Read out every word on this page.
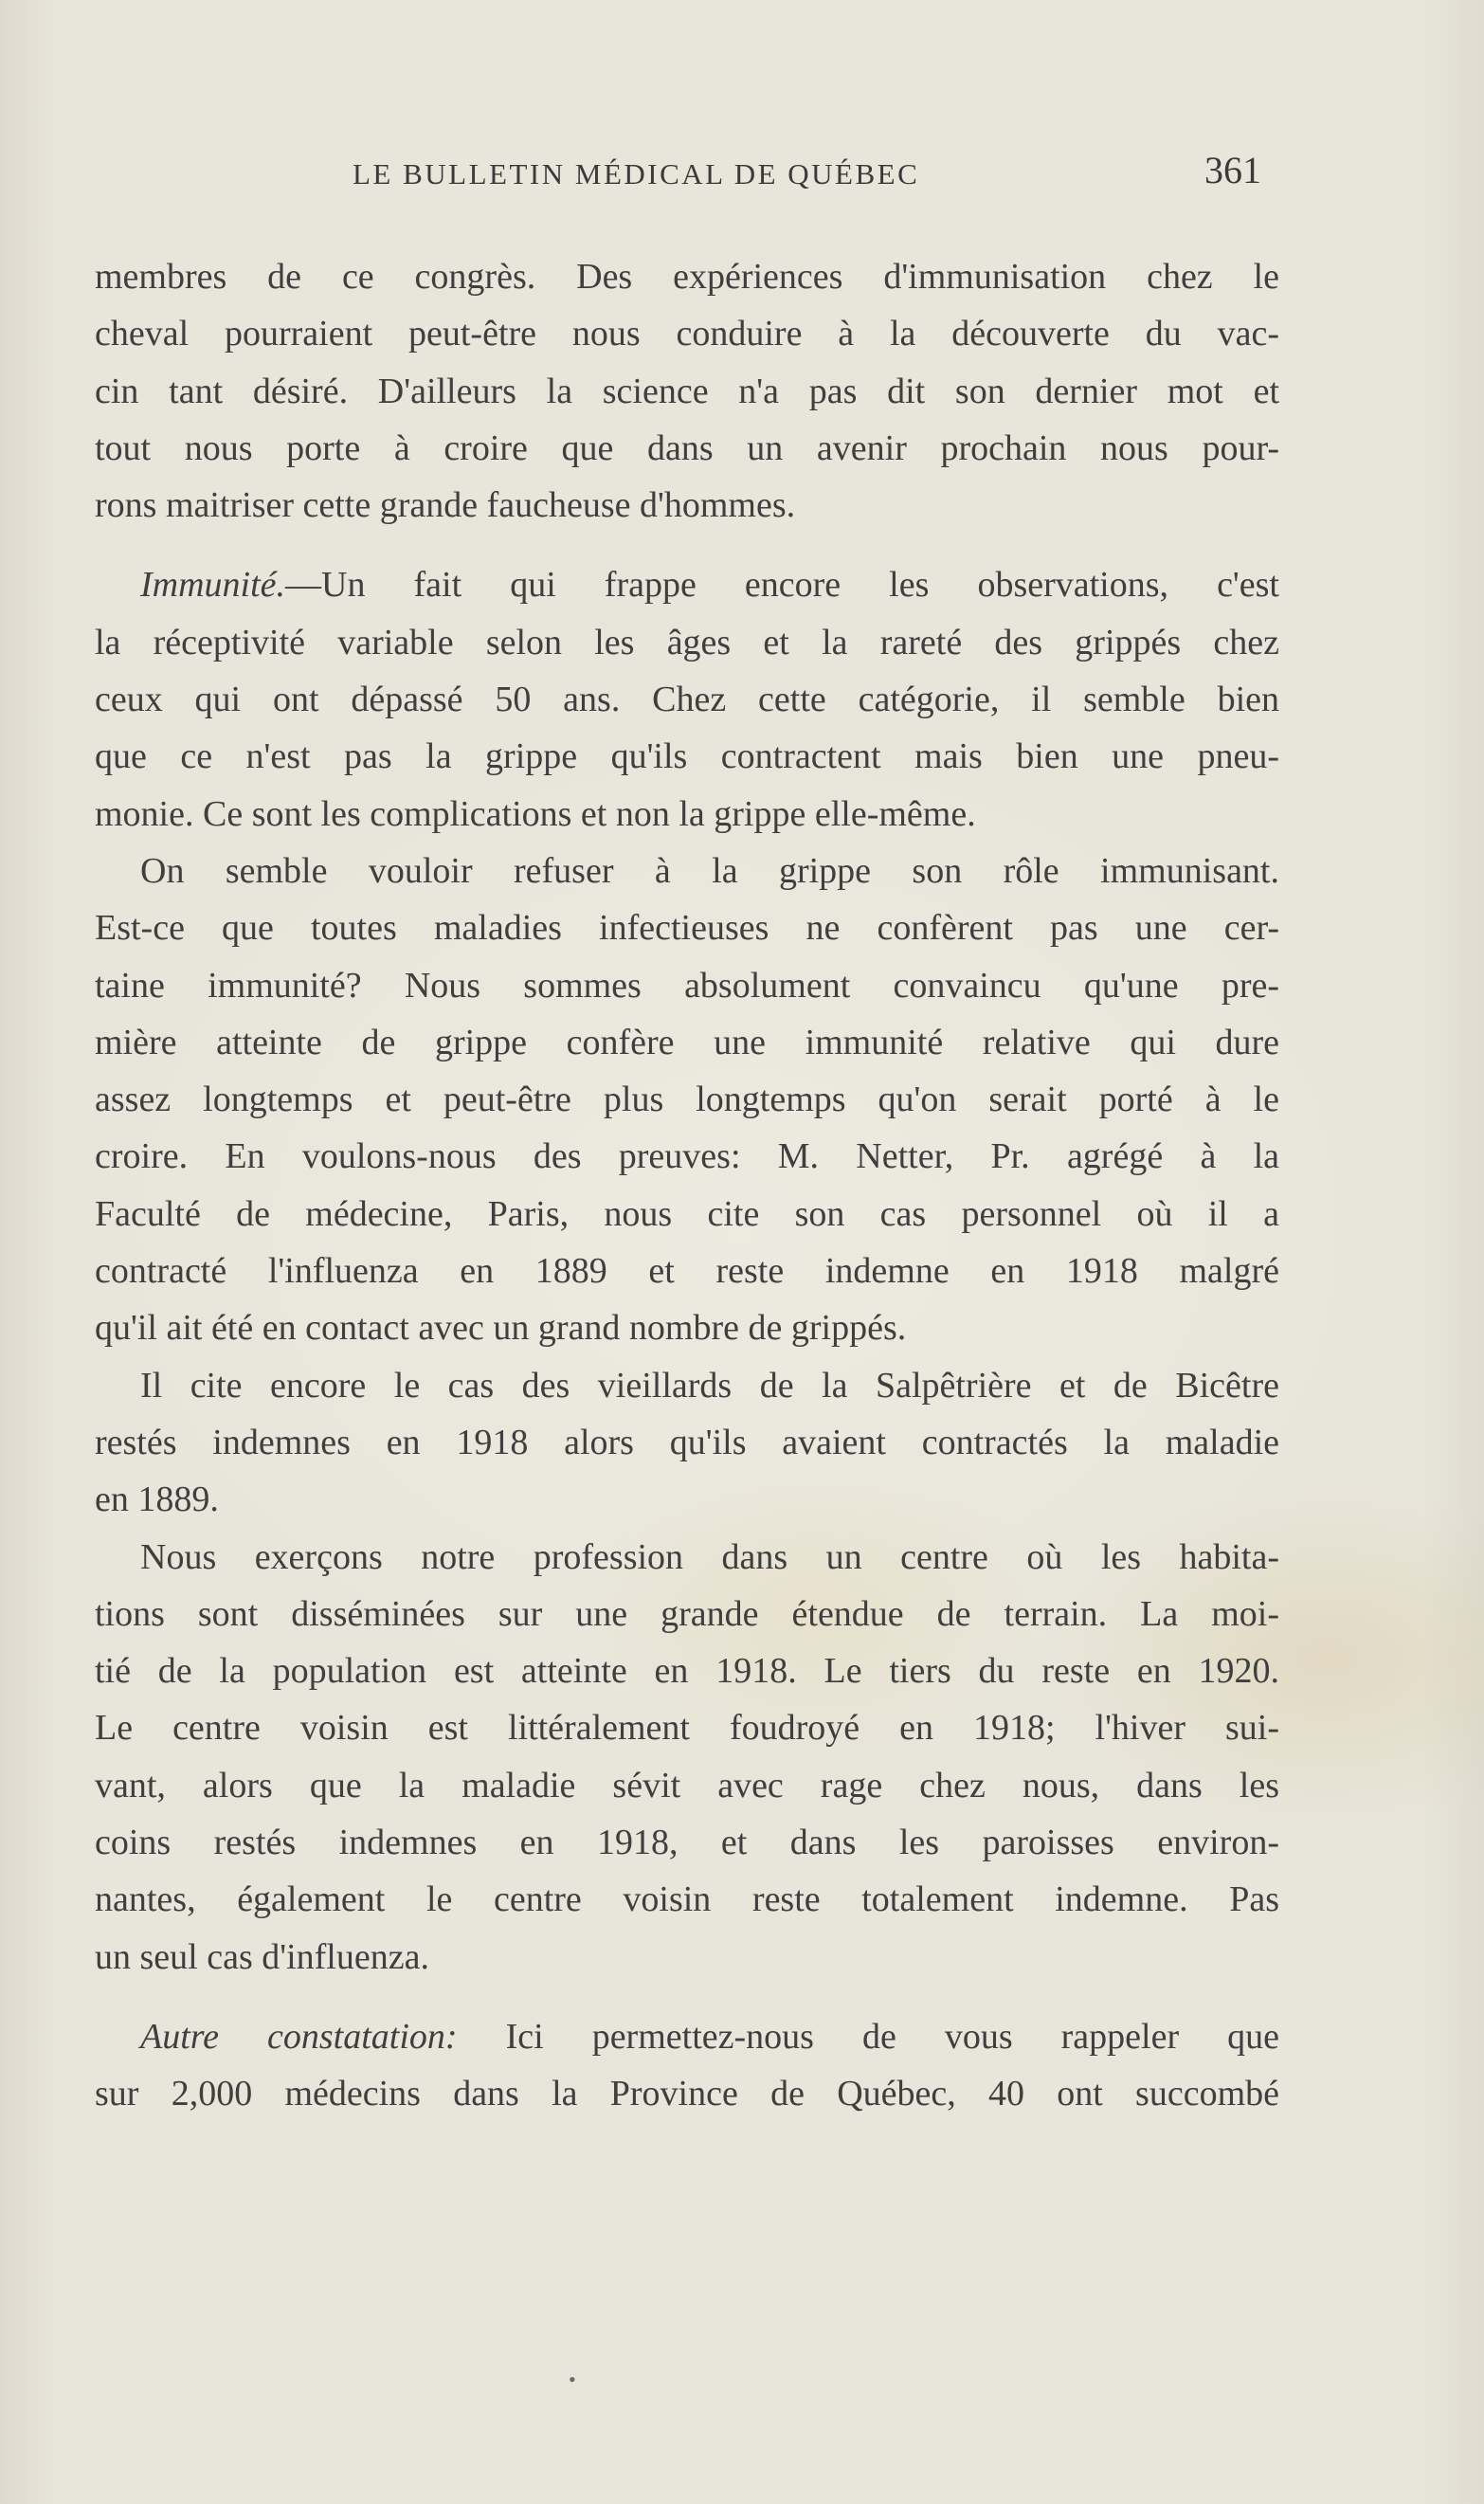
LE BULLETIN MÉDICAL DE QUÉBEC	361
membres de ce congrès. Des expériences d'immunisation chez le
cheval pourraient peut-être nous conduire à la découverte du vac-
cin tant désiré. D'ailleurs la science n'a pas dit son dernier mot et
tout nous porte à croire que dans un avenir prochain nous pour-
rons maitriser cette grande faucheuse d'hommes.
Immunité.—Un fait qui frappe encore les observations, c'est
la réceptivité variable selon les âges et la rareté des grippés chez
ceux qui ont dépassé 50 ans. Chez cette catégorie, il semble bien
que ce n'est pas la grippe qu'ils contractent mais bien une pneu-
monie. Ce sont les complications et non la grippe elle-même.
On semble vouloir refuser à la grippe son rôle immunisant.
Est-ce que toutes maladies infectieuses ne confèrent pas une cer-
taine immunité? Nous sommes absolument convaincu qu'une pre-
mière atteinte de grippe confère une immunité relative qui dure
assez longtemps et peut-être plus longtemps qu'on serait porté à le
croire. En voulons-nous des preuves: M. Netter, Pr. agrégé à la
Faculté de médecine, Paris, nous cite son cas personnel où il a
contracté l'influenza en 1889 et reste indemne en 1918 malgré
qu'il ait été en contact avec un grand nombre de grippés.
Il cite encore le cas des vieillards de la Salpêtrière et de Bicêtre
restés indemnes en 1918 alors qu'ils avaient contractés la maladie
en 1889.
Nous exerçons notre profession dans un centre où les habita-
tions sont disséminées sur une grande étendue de terrain. La moi-
tié de la population est atteinte en 1918. Le tiers du reste en 1920.
Le centre voisin est littéralement foudroyé en 1918; l'hiver sui-
vant, alors que la maladie sévit avec rage chez nous, dans les
coins restés indemnes en 1918, et dans les paroisses environ-
nantes, également le centre voisin reste totalement indemne. Pas
un seul cas d'influenza.
Autre constatation: Ici permettez-nous de vous rappeler que
sur 2,000 médecins dans la Province de Québec, 40 ont succombé
•
